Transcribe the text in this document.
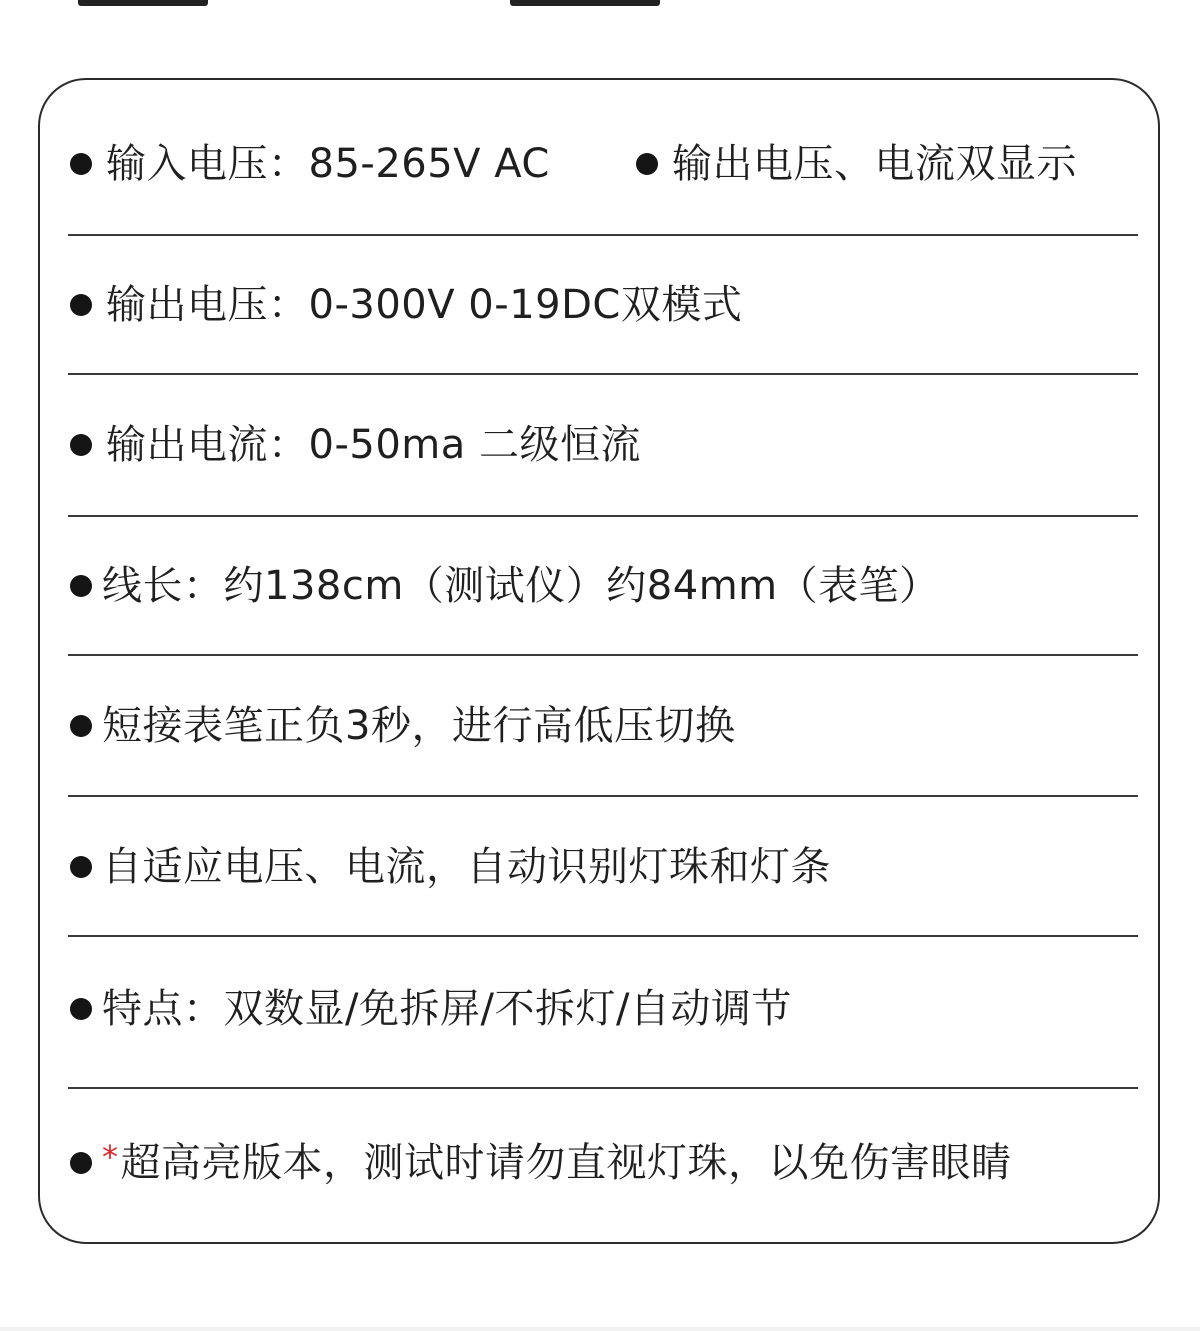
输入电压：85-265V AC	输出电压、电流双显示
输出电压：0-300V 0-19DC双模式
输出电流：0-50ma 二级恒流
线长：约138cm（测试仪）约84mm（表笔）
短接表笔正负3秒，进行高低压切换
自适应电压、电流，自动识别灯珠和灯条
特点：双数显/免拆屏/不拆灯/自动调节
* 超高亮版本，测试时请勿直视灯珠，以免伤害眼睛
